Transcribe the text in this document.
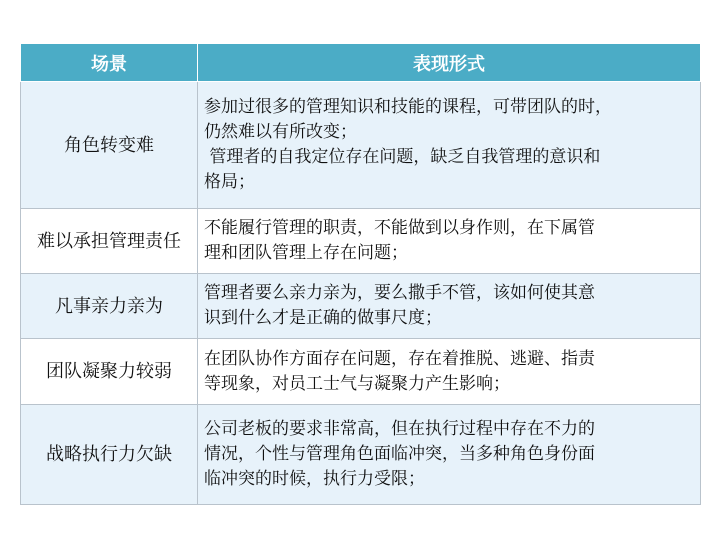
场景	表现形式
角色转变难	参加过很多的管理知识和技能的课程，可带团队的时，
仍然难以有所改变；
管理者的自我定位存在问题，缺乏自我管理的意识和
格局；

难以承担管理责任	不能履行管理的职责，不能做到以身作则，在下属管
理和团队管理上存在问题；

凡事亲力亲为	管理者要么亲力亲为，要么撒手不管，该如何使其意
识到什么才是正确的做事尺度；

团队凝聚力较弱	在团队协作方面存在问题，存在着推脱、逃避、指责
等现象，对员工士气与凝聚力产生影响；

战略执行力欠缺	公司老板的要求非常高，但在执行过程中存在不力的
情况，个性与管理角色面临冲突，当多种角色身份面
临冲突的时候，执行力受限；
